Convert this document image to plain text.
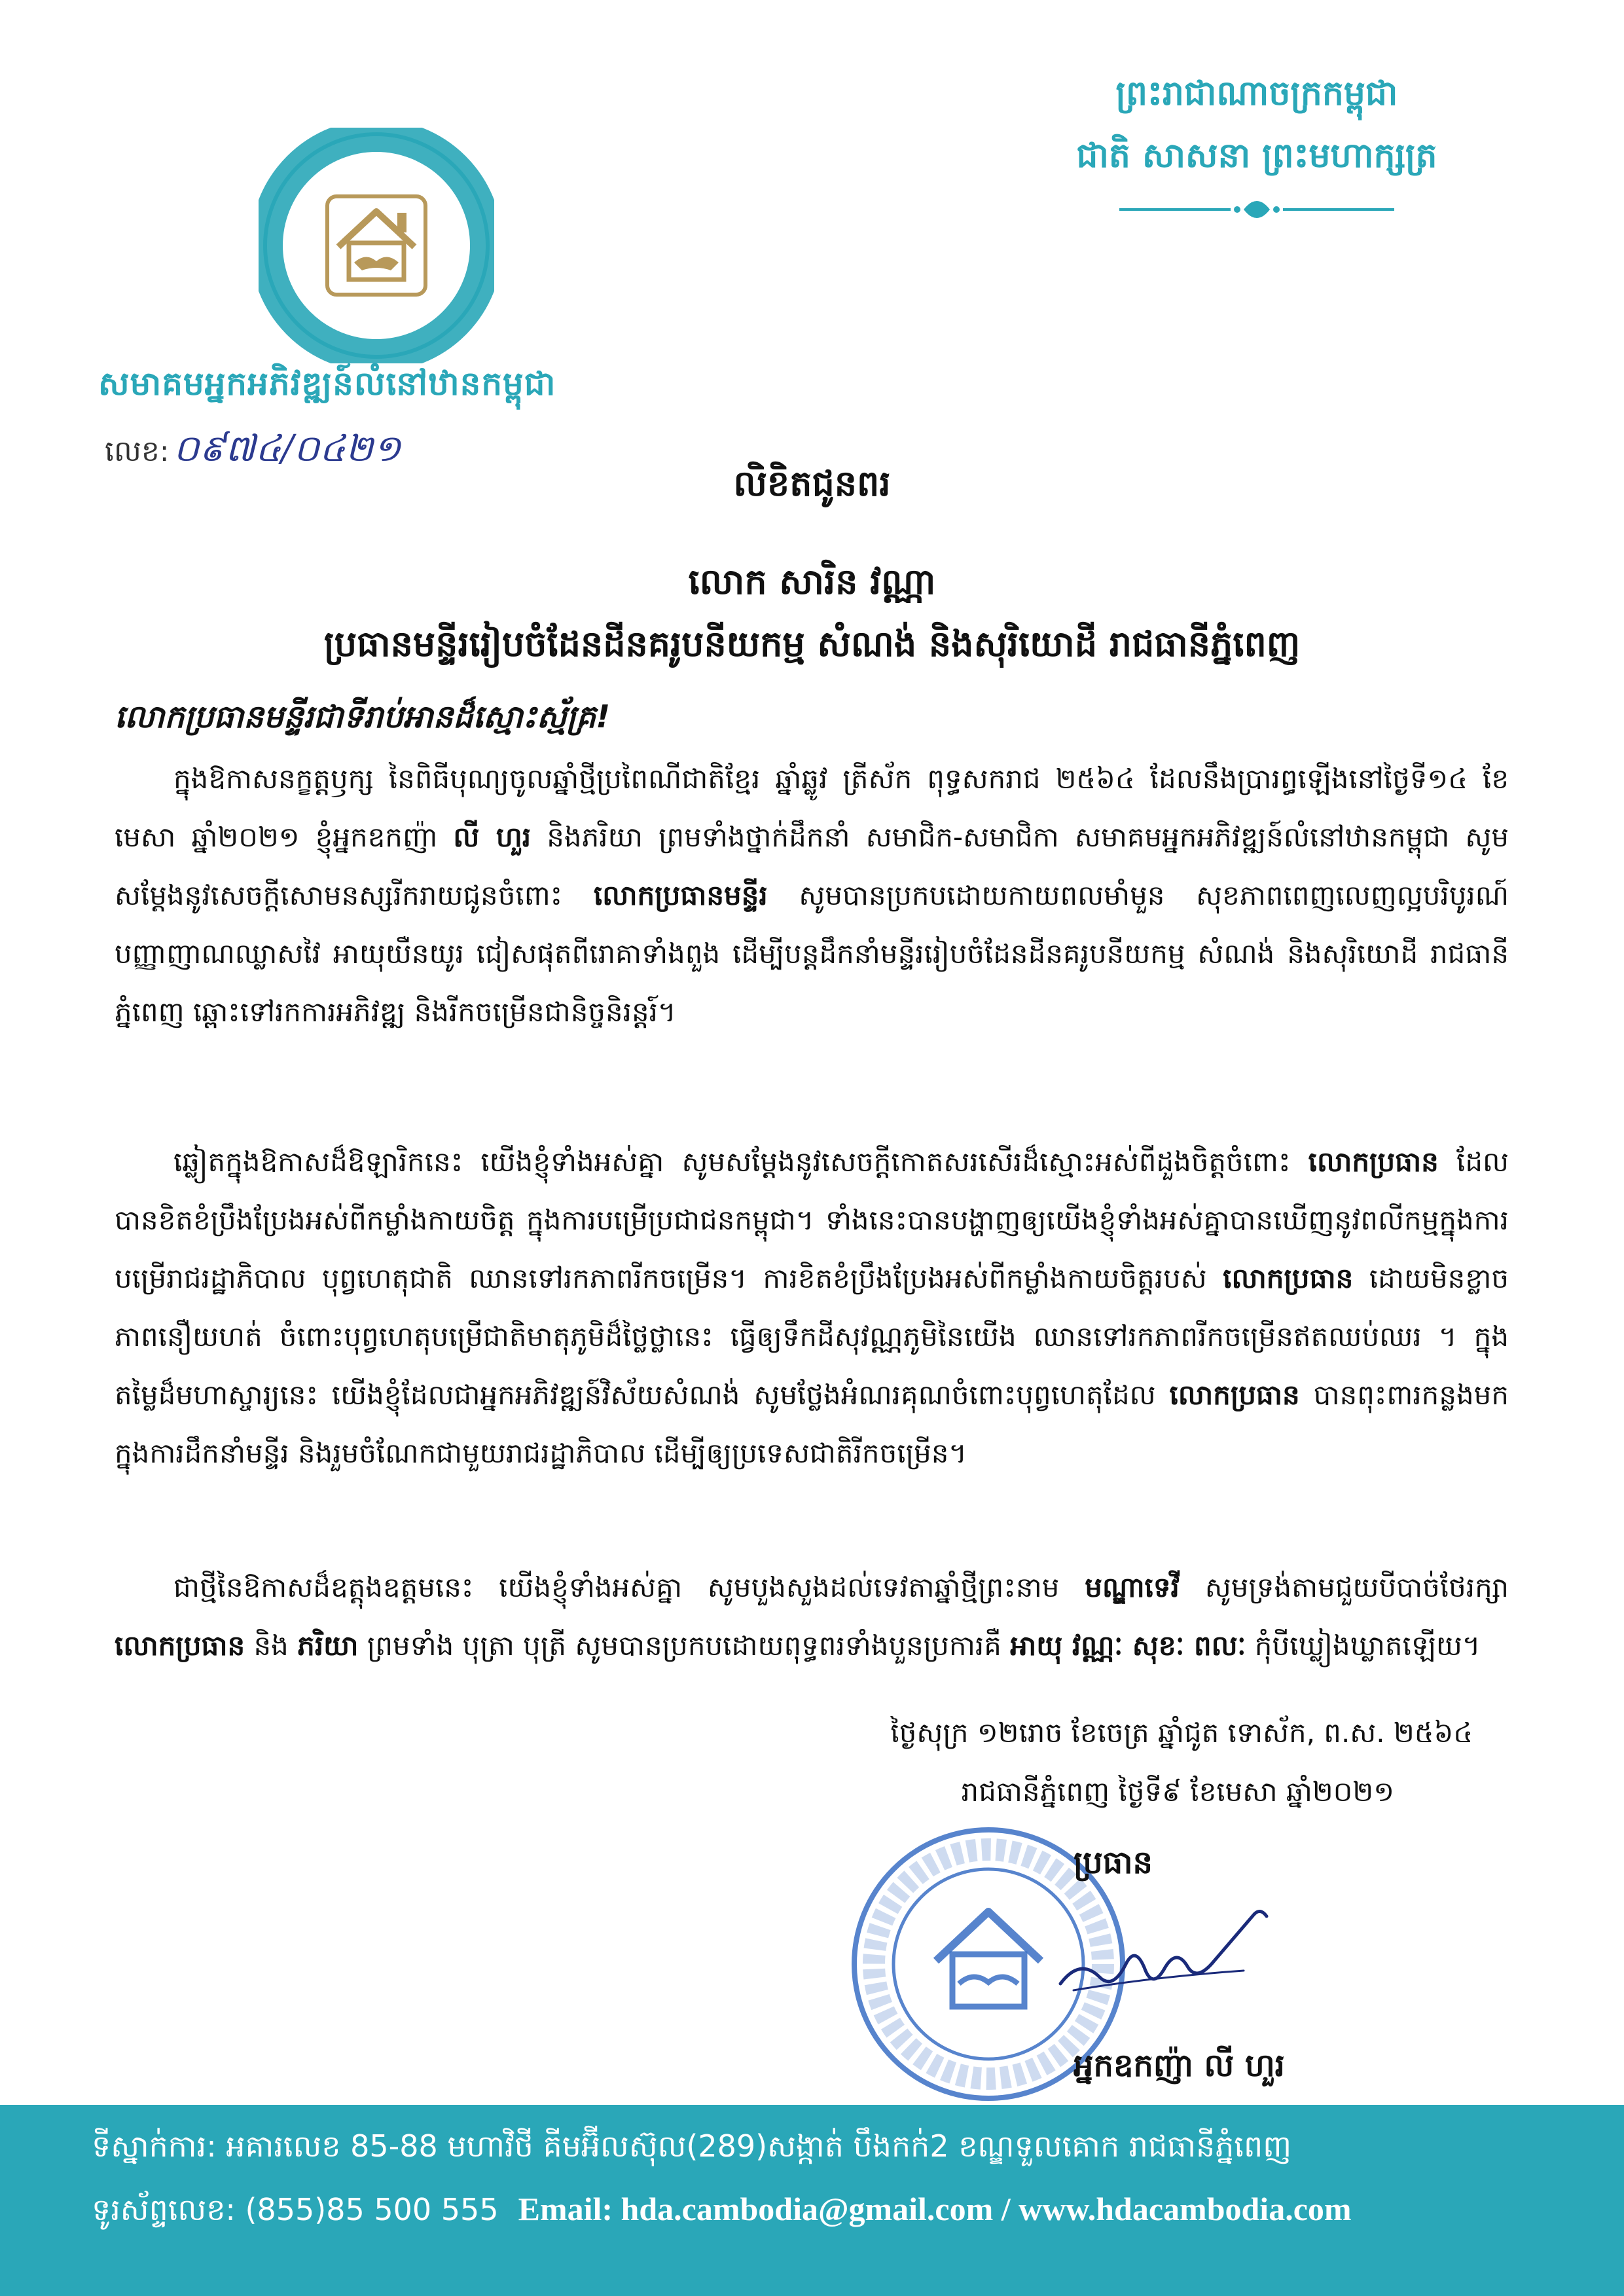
សមាគមអ្នកអភិវឌ្ឍន៍លំនៅឋានកម្ពុជា
លេខ: ០៩៧៤/០៤២១
ព្រះរាជាណាចក្រកម្ពុជា
ជាតិ សាសនា ព្រះមហាក្សត្រ
លិខិតជូនពរ
លោក សារិន វណ្ណា
ប្រធានមន្ទីររៀបចំដែនដីនគរូបនីយកម្ម សំណង់ និងសុរិយោដី រាជធានីភ្នំពេញ
លោកប្រធានមន្ទីរជាទីរាប់អានដ៏ស្មោះស្ម័គ្រ!
ក្នុងឱកាសនក្ខត្តឫក្ស នៃពិធីបុណ្យចូលឆ្នាំថ្មីប្រពៃណីជាតិខ្មែរ ឆ្នាំឆ្លូវ ត្រីស័ក ពុទ្ធសករាជ ២៥៦៤ ដែលនឹងប្រារព្ធឡើងនៅថ្ងៃទី១៤ ខែមេសា ឆ្នាំ២០២១ ខ្ញុំអ្នកឧកញ៉ា លី ហួរ និងភរិយា ព្រមទាំងថ្នាក់ដឹកនាំ សមាជិក-សមាជិកា សមាគមអ្នកអភិវឌ្ឍន៍លំនៅឋានកម្ពុជា សូមសម្ដែងនូវសេចក្ដីសោមនស្សរីករាយជូនចំពោះ លោកប្រធានមន្ទីរ សូមបានប្រកបដោយកាយពលមាំមួន សុខភាពពេញលេញល្អបរិបូរណ៍ បញ្ញាញាណឈ្លាសវៃ អាយុយឺនយូរ ជៀសផុតពីរោគាទាំងពួង ដើម្បីបន្តដឹកនាំមន្ទីររៀបចំដែនដីនគរូបនីយកម្ម សំណង់ និងសុរិយោដី រាជធានីភ្នំពេញ ឆ្ពោះទៅរកការអភិវឌ្ឍ និងរីកចម្រើនជានិច្ចនិរន្តរ៍។
ឆ្លៀតក្នុងឱកាសដ៏ឱឡារិកនេះ យើងខ្ញុំទាំងអស់គ្នា សូមសម្ដែងនូវសេចក្ដីកោតសរសើរដ៏ស្មោះអស់ពីដួងចិត្តចំពោះ លោកប្រធាន ដែលបានខិតខំប្រឹងប្រែងអស់ពីកម្លាំងកាយចិត្ត ក្នុងការបម្រើប្រជាជនកម្ពុជា។ ទាំងនេះបានបង្ហាញឲ្យយើងខ្ញុំទាំងអស់គ្នាបានឃើញនូវពលីកម្មក្នុងការបម្រើរាជរដ្ឋាភិបាល បុព្វហេតុជាតិ ឈានទៅរកភាពរីកចម្រើន។ ការខិតខំប្រឹងប្រែងអស់ពីកម្លាំងកាយចិត្តរបស់ លោកប្រធាន ដោយមិនខ្លាចភាពនឿយហត់ ចំពោះបុព្វហេតុបម្រើជាតិមាតុភូមិដ៏ថ្លៃថ្លានេះ ធ្វើឲ្យទឹកដីសុវណ្ណភូមិនៃយើង ឈានទៅរកភាពរីកចម្រើនឥតឈប់ឈរ ។ ក្នុងតម្លៃដ៏មហាស្ចារ្យនេះ យើងខ្ញុំដែលជាអ្នកអភិវឌ្ឍន៍វិស័យសំណង់ សូមថ្លែងអំណរគុណចំពោះបុព្វហេតុដែល លោកប្រធាន បានពុះពារកន្លងមកក្នុងការដឹកនាំមន្ទីរ និងរួមចំណែកជាមួយរាជរដ្ឋាភិបាល ដើម្បីឲ្យប្រទេសជាតិរីកចម្រើន។
ជាថ្មីនៃឱកាសដ៏ឧត្តុងឧត្តមនេះ យើងខ្ញុំទាំងអស់គ្នា សូមបួងសួងដល់ទេវតាឆ្នាំថ្មីព្រះនាម មណ្ឌាទេវី សូមទ្រង់តាមជួយបីបាច់ថែរក្សា លោកប្រធាន និង ភរិយា ព្រមទាំង បុត្រា បុត្រី សូមបានប្រកបដោយពុទ្ធពរទាំងបួនប្រការគឺ អាយុ វណ្ណៈ សុខៈ ពលៈ កុំបីឃ្លៀងឃ្លាតឡើយ។
ថ្ងៃសុក្រ ១២រោច ខែចេត្រ ឆ្នាំជូត ទោស័ក, ព.ស. ២៥៦៤
រាជធានីភ្នំពេញ ថ្ងៃទី៩ ខែមេសា ឆ្នាំ២០២១
ប្រធាន
អ្នកឧកញ៉ា លី ហួរ
ទីស្នាក់ការ: អគារលេខ 85-88 មហាវិថី គីមអ៊ីលស៊ុល(289)សង្កាត់ បឹងកក់2 ខណ្ឌទួលគោក រាជធានីភ្នំពេញ
ទូរស័ព្ទលេខ: (855)85 500 555 Email: hda.cambodia@gmail.com / www.hdacambodia.com
